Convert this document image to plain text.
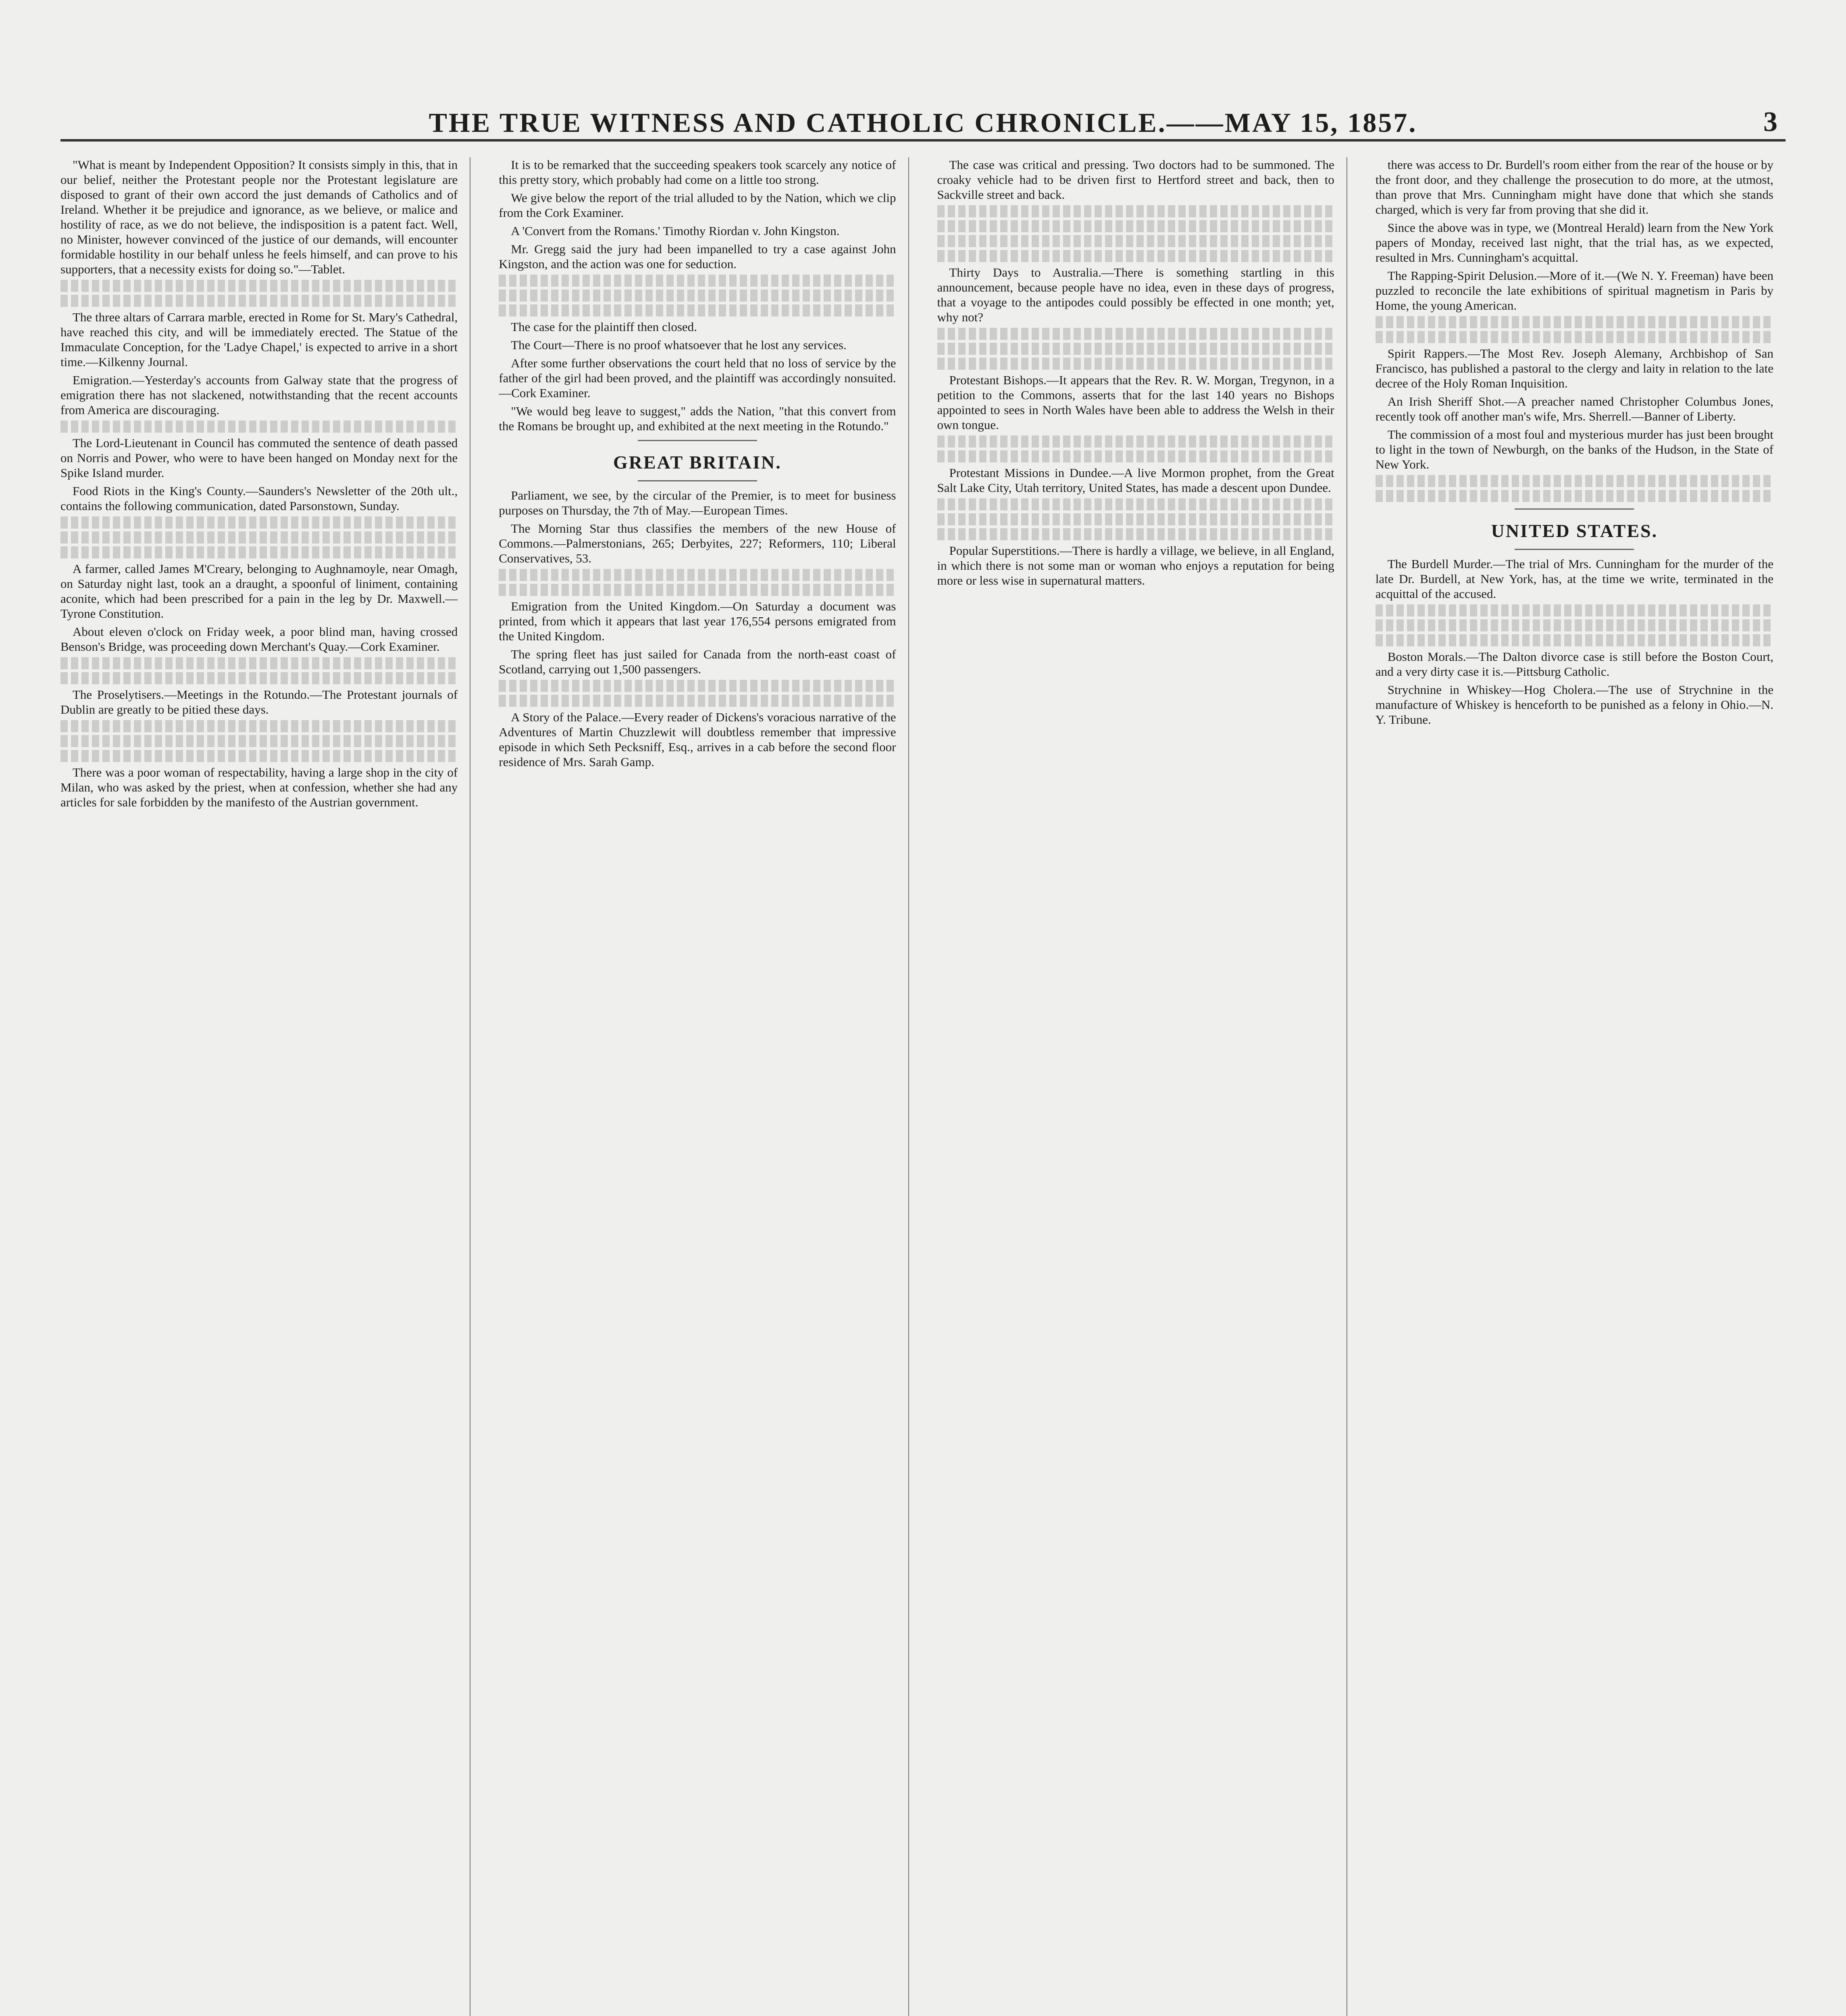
THE TRUE WITNESS AND CATHOLIC CHRONICLE.——MAY 15, 1857.	3

"What is meant by Independent Opposition? It consists simply in this, that in our belief, neither the Protestant people nor the Protestant legislature are disposed to grant of their own accord the just demands of Catholics and of Ireland. Whether it be prejudice and ignorance, as we believe, or malice and hostility of race, as we do not believe, the indisposition is a patent fact. Well, no Minister, however convinced of the justice of our demands, will encounter formidable hostility in our behalf unless he feels himself, and can prove to his supporters, that a necessity exists for doing so."—Tablet.

The three altars of Carrara marble, erected in Rome for St. Mary's Cathedral, have reached this city, and will be immediately erected. The Statue of the Immaculate Conception, for the 'Ladye Chapel,' is expected to arrive in a short time.—Kilkenny Journal.

Emigration.—Yesterday's accounts from Galway state that the progress of emigration there has not slackened, notwithstanding that the recent accounts from America are discouraging.

The Lord-Lieutenant in Council has commuted the sentence of death passed on Norris and Power, who were to have been hanged on Monday next for the Spike Island murder.

Food Riots in the King's County.—Saunders's Newsletter of the 20th ult., contains the following communication, dated Parsonstown, Sunday.

A farmer, called James M'Creary, belonging to Aughnamoyle, near Omagh, on Saturday night last, took an a draught, a spoonful of liniment, containing aconite, which had been prescribed for a pain in the leg by Dr. Maxwell.—Tyrone Constitution.

About eleven o'clock on Friday week, a poor blind man, having crossed Benson's Bridge, was proceeding down Merchant's Quay.—Cork Examiner.

The Proselytisers.—Meetings in the Rotundo.—The Protestant journals of Dublin are greatly to be pitied these days.

There was a poor woman of respectability, having a large shop in the city of Milan, who was asked by the priest, when at confession, whether she had any articles for sale forbidden by the manifesto of the Austrian government.

It is to be remarked that the succeeding speakers took scarcely any notice of this pretty story, which probably had come on a little too strong.

We give below the report of the trial alluded to by the Nation, which we clip from the Cork Examiner.

A 'Convert from the Romans.' Timothy Riordan v. John Kingston.

Mr. Gregg said the jury had been impanelled to try a case against John Kingston, and the action was one for seduction.

The case for the plaintiff then closed.

The Court—There is no proof whatsoever that he lost any services.

After some further observations the court held that no loss of service by the father of the girl had been proved, and the plaintiff was accordingly nonsuited.—Cork Examiner.

"We would beg leave to suggest," adds the Nation, "that this convert from the Romans be brought up, and exhibited at the next meeting in the Rotundo."

GREAT BRITAIN.

Parliament, we see, by the circular of the Premier, is to meet for business purposes on Thursday, the 7th of May.—European Times.

The Morning Star thus classifies the members of the new House of Commons.—Palmerstonians, 265; Derbyites, 227; Reformers, 110; Liberal Conservatives, 53.

Emigration from the United Kingdom.—On Saturday a document was printed, from which it appears that last year 176,554 persons emigrated from the United Kingdom.

The spring fleet has just sailed for Canada from the north-east coast of Scotland, carrying out 1,500 passengers.

A Story of the Palace.—Every reader of Dickens's voracious narrative of the Adventures of Martin Chuzzlewit will doubtless remember that impressive episode in which Seth Pecksniff, Esq., arrives in a cab before the second floor residence of Mrs. Sarah Gamp.

The case was critical and pressing. Two doctors had to be summoned. The croaky vehicle had to be driven first to Hertford street and back, then to Sackville street and back.

Thirty Days to Australia.—There is something startling in this announcement, because people have no idea, even in these days of progress, that a voyage to the antipodes could possibly be effected in one month; yet, why not?

Protestant Bishops.—It appears that the Rev. R. W. Morgan, Tregynon, in a petition to the Commons, asserts that for the last 140 years no Bishops appointed to sees in North Wales have been able to address the Welsh in their own tongue.

Protestant Missions in Dundee.—A live Mormon prophet, from the Great Salt Lake City, Utah territory, United States, has made a descent upon Dundee.

Popular Superstitions.—There is hardly a village, we believe, in all England, in which there is not some man or woman who enjoys a reputation for being more or less wise in supernatural matters.

there was access to Dr. Burdell's room either from the rear of the house or by the front door, and they challenge the prosecution to do more, at the utmost, than prove that Mrs. Cunningham might have done that which she stands charged, which is very far from proving that she did it.

Since the above was in type, we (Montreal Herald) learn from the New York papers of Monday, received last night, that the trial has, as we expected, resulted in Mrs. Cunningham's acquittal.

The Rapping-Spirit Delusion.—More of it.—(We N. Y. Freeman) have been puzzled to reconcile the late exhibitions of spiritual magnetism in Paris by Home, the young American.

Spirit Rappers.—The Most Rev. Joseph Alemany, Archbishop of San Francisco, has published a pastoral to the clergy and laity in relation to the late decree of the Holy Roman Inquisition.

An Irish Sheriff Shot.—A preacher named Christopher Columbus Jones, recently took off another man's wife, Mrs. Sherrell.—Banner of Liberty.

The commission of a most foul and mysterious murder has just been brought to light in the town of Newburgh, on the banks of the Hudson, in the State of New York.

UNITED STATES.

The Burdell Murder.—The trial of Mrs. Cunningham for the murder of the late Dr. Burdell, at New York, has, at the time we write, terminated in the acquittal of the accused.

Boston Morals.—The Dalton divorce case is still before the Boston Court, and a very dirty case it is.—Pittsburg Catholic.

Strychnine in Whiskey—Hog Cholera.—The use of Strychnine in the manufacture of Whiskey is henceforth to be punished as a felony in Ohio.—N. Y. Tribune.
